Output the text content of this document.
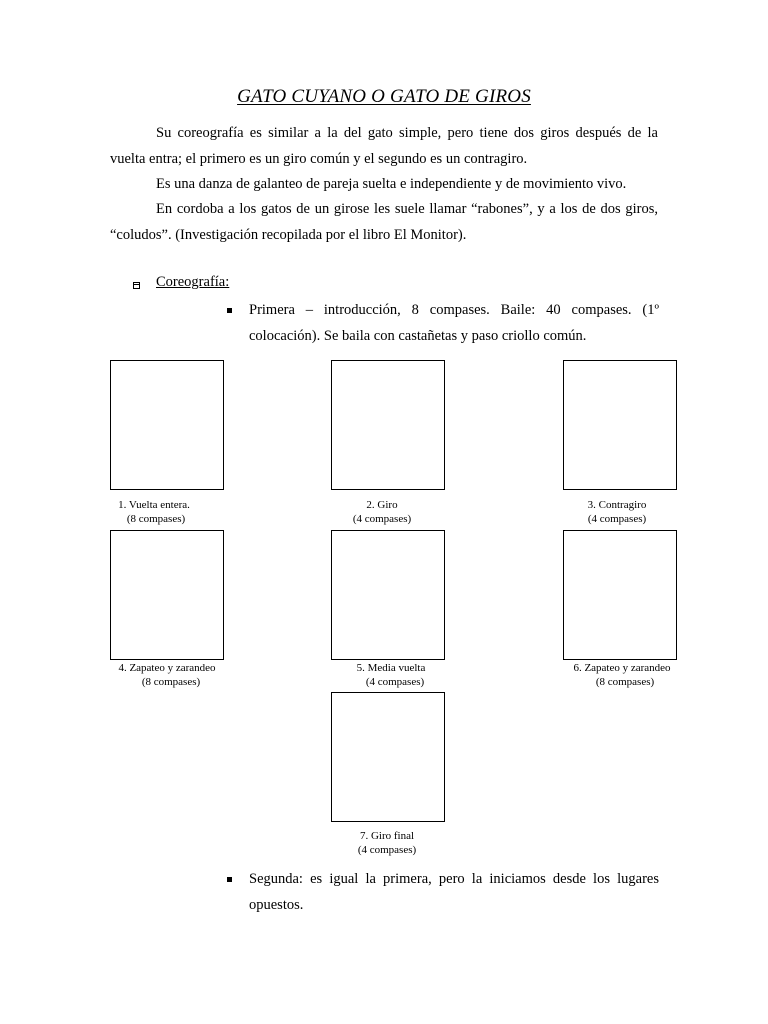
GATO CUYANO O GATO DE GIROS
Su coreografía es similar a la del gato simple, pero tiene dos giros después de la vuelta entra; el primero es un giro común y el segundo es un contragiro.
Es una danza de galanteo de pareja suelta e independiente y de movimiento vivo.
En cordoba a los gatos de un girose les suele llamar “rabones”, y a los de dos giros, “coludos”. (Investigación recopilada por el libro El Monitor).
Coreografía:
Primera – introducción, 8 compases. Baile: 40 compases. (1º colocación). Se baila con castañetas y paso criollo común.
1. Vuelta entera.
(8 compases)
2. Giro
(4 compases)
3. Contragiro
(4 compases)
4. Zapateo y zarandeo
(8 compases)
5. Media vuelta
(4 compases)
6. Zapateo y zarandeo
(8 compases)
7. Giro final
(4 compases)
Segunda: es igual la primera, pero la iniciamos desde los lugares opuestos.
